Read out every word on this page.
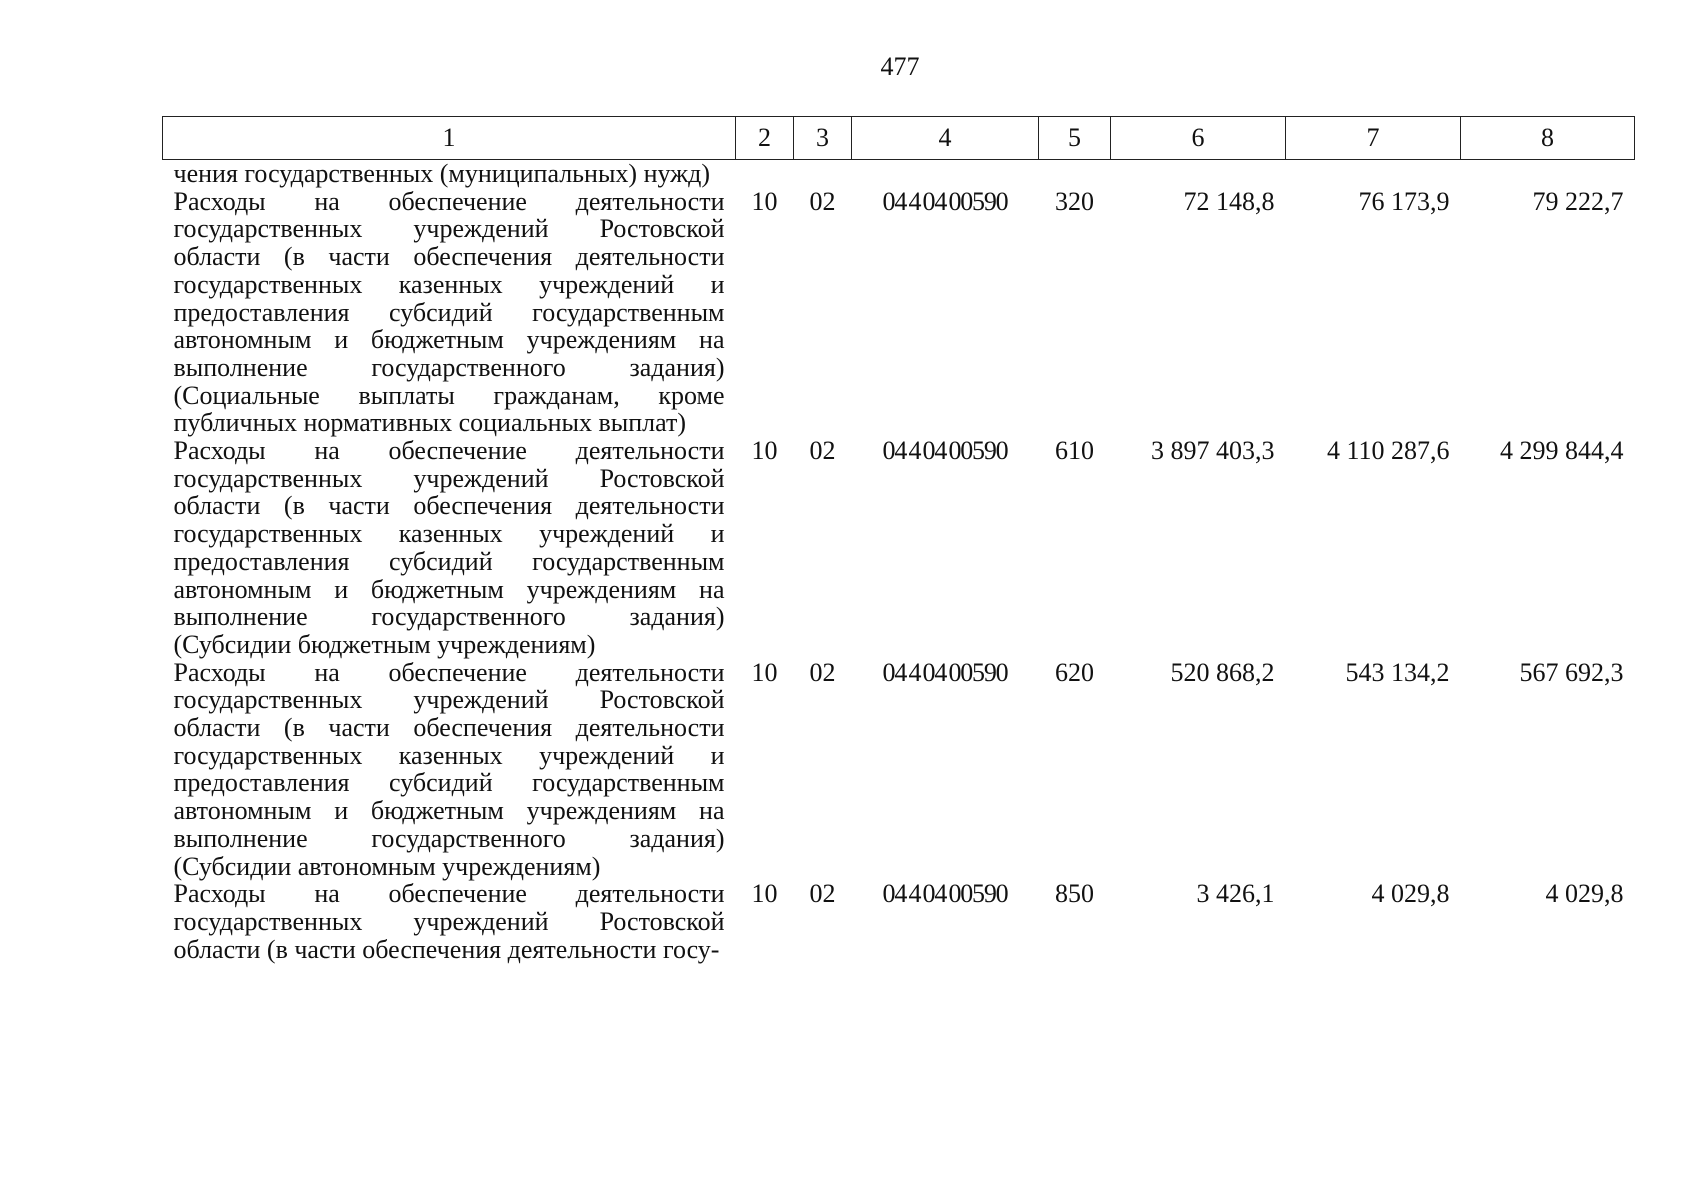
477
1	2	3	4	5	6	7	8
чения государственных (муниципальных) нужд)							
Расходы на обеспечение деятельности государственных учреждений Ростовской области (в части обеспечения деятельности государственных казенных учреждений и предоставления субсидий государственным автономным и бюджетным учреждениям на выполнение государственного задания) (Социальные выплаты гражданам, кроме публичных нормативных социальных выплат)	10	02	04 4 04 00590	320	72 148,8	76 173,9	79 222,7
Расходы на обеспечение деятельности государственных учреждений Ростовской области (в части обеспечения деятельности государственных казенных учреждений и предоставления субсидий государственным автономным и бюджетным учреждениям на выполнение государственного задания) (Субсидии бюджетным учреждениям)	10	02	04 4 04 00590	610	3 897 403,3	4 110 287,6	4 299 844,4
Расходы на обеспечение деятельности государственных учреждений Ростовской области (в части обеспечения деятельности государственных казенных учреждений и предоставления субсидий государственным автономным и бюджетным учреждениям на выполнение государственного задания) (Субсидии автономным учреждениям)	10	02	04 4 04 00590	620	520 868,2	543 134,2	567 692,3
Расходы на обеспечение деятельности государственных учреждений Ростовской области (в части обеспечения деятельности госу-	10	02	04 4 04 00590	850	3 426,1	4 029,8	4 029,8
